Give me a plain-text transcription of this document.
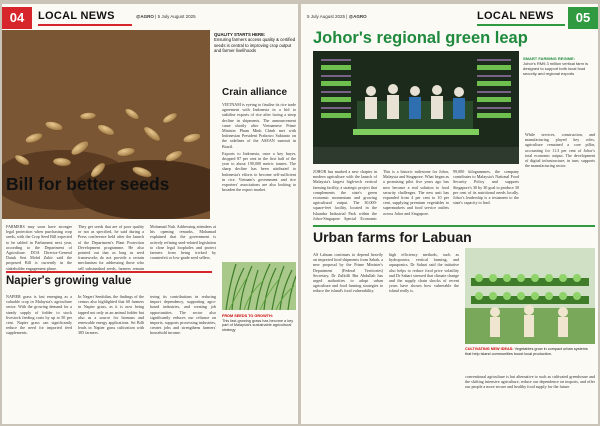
04	LOCAL NEWS	@AGRO | 5 July August 2025
Bill for better seeds
QUALITY STARTS HERE:
Ensuring farmers access quality & certified seeds is central to improving crop output and farmer livelihoods
Crain alliance

VIETNAM is eyeing to finalise its rice trade agreement with Indonesia in a bid to stabilise exports of rice after facing a steep decline in shipments. The announcement came shortly after Vietnamese Prime Minister Pham Minh Chinh met with Indonesian President Prabowo Subianto on the sidelines of the ASEAN summit in Brazil.

Exports to Indonesia, once a key buyer, dropped 87 per cent in the first half of the year to about 190,000 metric tonnes. The sharp decline has been attributed to Indonesia's efforts to become self-sufficient in rice. Vietnam's government and rice exporters' associations are also looking to broaden the export market.

FARMERS may soon have stronger legal protection when purchasing crop seeds, with the Crop Seed Bill expected to be tabled in Parliament next year, according to the Department of Agriculture. DOA Director-General Datuk Seri Mohd Zubir said the proposed Bill is currently in the stakeholder engagement phase.
They get seeds that are of poor quality or not as specified, he said during a Press conference held after the launch of the Department's Plant Protection Development programme. He also pointed out that as long as seed frameworks do not provide a certain mechanism for addressing those who sell substandard seeds, farmers remain
Mohamad Nuh. Addressing attendees at his opening remarks, Mohamad explained that the government is actively refining seed-related legislation to close legal loopholes and protect farmers from being tricked by counterfeit or low-grade seed sellers.
FROM SEEDS TO GROWTH:
This fast-growing grass has become a key part of Malaysia's sustainable agricultural strategy
Napier's growing value
NAPIER grass is fast emerging as a valuable crop in Malaysia's agriculture sector. With the growing demand for a steady supply of fodder to stock livestock feeding costs by up to 50 per cent. Napier grass can significantly reduce the need for imported feed supplements.
In Negeri Sembilan, the findings of the census also highlighted that 60 farmers in Napier grass, as it is now being tapped not only as an animal fodder but also as a source for biomass and renewable energy applications. Sri Bdli leads in Napier grass cultivation with 385 farmers.
tering its contributions in reducing import dependency, supporting agro-based industries, and creating job opportunities. The sector also significantly reduces our reliance on imports, supports processing industries, creates jobs and strengthens farmers' household income.
5 July August 2025 | @AGRO	LOCAL NEWS	05
Johor's regional green leap
SMART FARMING REGIME:
Johor's RM9.3 million vertical farm is designed to support both local food security and regional exports
JOHOR has marked a new chapter in modern agriculture with the launch of Malaysia's largest high-tech vertical farming facility, a strategic project that complements the state's green economic momentum and growing agricultural output. The 30,000-square-feet facility, located in the Iskandar Industrial Park within the Johor-Singapore Special Economic
This is a historic milestone for Johor, Malaysia and Singapore. What began as a promising pilot five years ago has now become a real solution to food security challenges. The new unit has expanded from 4 per cent to 10 per cent, supplying premium vegetables to supermarkets and food service outlets across Johor and Singapore.
99,000 kilogrammes, the company contributes to Malaysia's National Food Security Policy and supports Singapore's 30 by 30 goal to produce 30 per cent of its nutritional needs locally. Johor's leadership is a testament to the state's capacity to lead.
While services, construction, and manufacturing played key roles, agriculture remained a core pillar, accounting for 11.3 per cent of Johor's total economic output. The development of digital infrastructure, in turn, supports the manufacturing sector.
Urban farms for Labuan
AS Labuan continues to depend heavily on imported food shipments from Sabah, a new proposal by the Prime Minister's Department (Federal Territories) Secretary, Dr Zulkifli Bin Abdullah has urged authorities to adopt urban agriculture and food farming strategies to reduce the island's food vulnerability.
high efficiency methods, such as hydroponics, vertical farming, and aquaponics. Dr Sahari said the initiative also helps to reduce food price volatility and Dr Sahari stressed that climate change and the supply chain shocks of recent years have shown how vulnerable the island really is.
conventional agriculture is but alternative to such as cultivated greenhouse and the shifting intensive agriculture, reduce our dependence on imports, and offer our people a more secure and healthy food supply for the future.
CULTIVATING NEW IDEAS: Vegetables grow in compact urban systems that help island communities boost local production.
